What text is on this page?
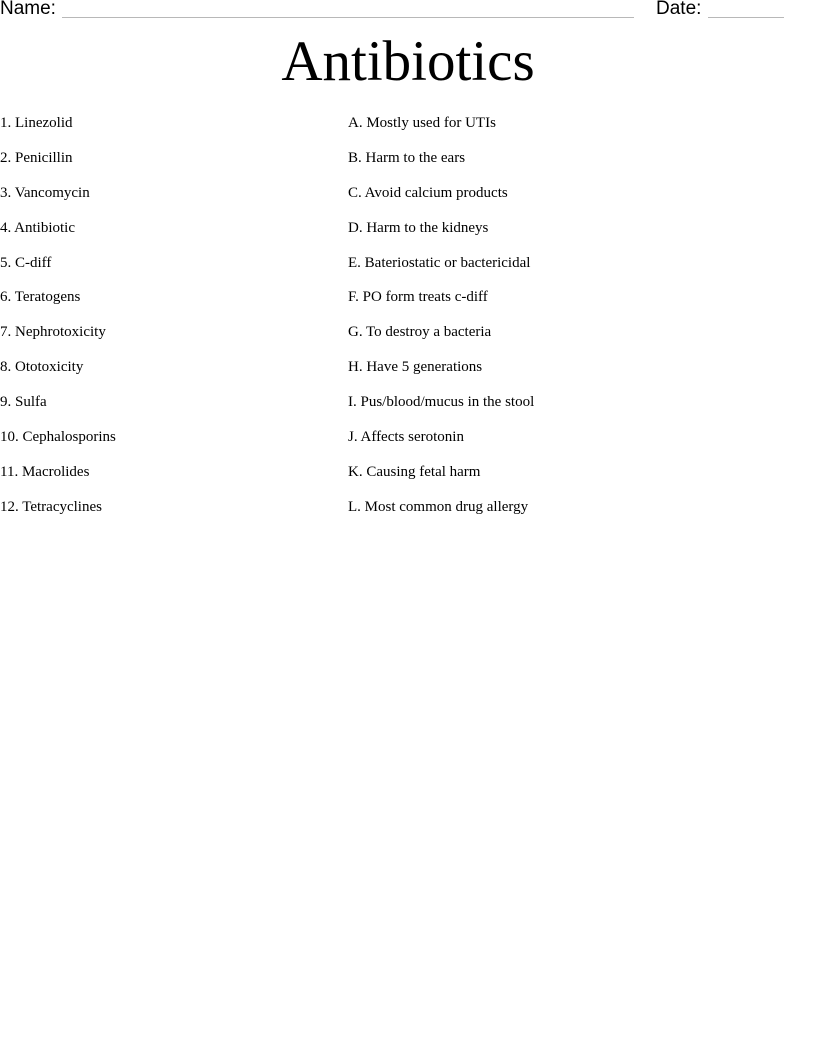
Name:	Date:
Antibiotics
1. Linezolid
2. Penicillin
3. Vancomycin
4. Antibiotic
5. C-diff
6. Teratogens
7. Nephrotoxicity
8. Ototoxicity
9. Sulfa
10. Cephalosporins
11. Macrolides
12. Tetracyclines
A. Mostly used for UTIs
B. Harm to the ears
C. Avoid calcium products
D. Harm to the kidneys
E. Bateriostatic or bactericidal
F. PO form treats c-diff
G. To destroy a bacteria
H. Have 5 generations
I. Pus/blood/mucus in the stool
J. Affects serotonin
K. Causing fetal harm
L. Most common drug allergy
